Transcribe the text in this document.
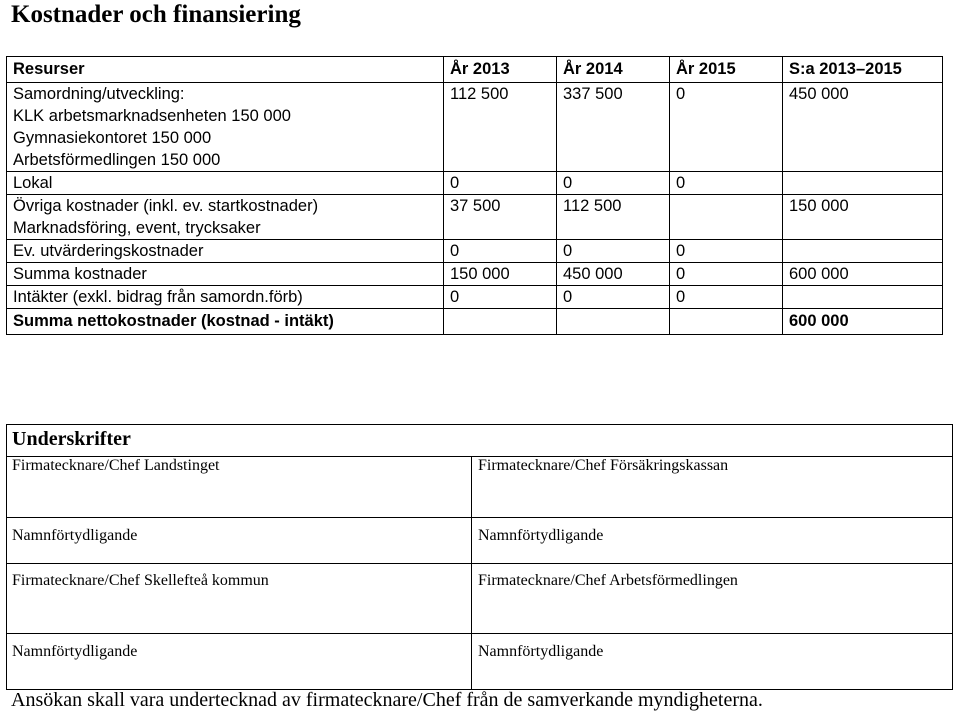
Kostnader och finansiering
Resurser	År 2013	År 2014	År 2015	S:a 2013–2015

Samordning/utveckling:
KLK arbetsmarknadsenheten 150 000
Gymnasiekontoret 150 000
Arbetsförmedlingen 150 000	112 500	337 500	0	450 000
Lokal	0	0	0	

Övriga kostnader (inkl. ev. startkostnader)
Marknadsföring, event, trycksaker	37 500	112 500		150 000
Ev. utvärderingskostnader	0	0	0	
Summa kostnader	150 000	450 000	0	600 000
Intäkter (exkl. bidrag från samordn.förb)	0	0	0	
Summa nettokostnader (kostnad - intäkt)				600 000
Underskrifter
Firmatecknare/Chef Landstinget	Firmatecknare/Chef Försäkringskassan
Namnförtydligande	Namnförtydligande
Firmatecknare/Chef Skellefteå kommun	Firmatecknare/Chef Arbetsförmedlingen
Namnförtydligande	Namnförtydligande
Ansökan skall vara undertecknad av firmatecknare/Chef från de samverkande myndigheterna.
